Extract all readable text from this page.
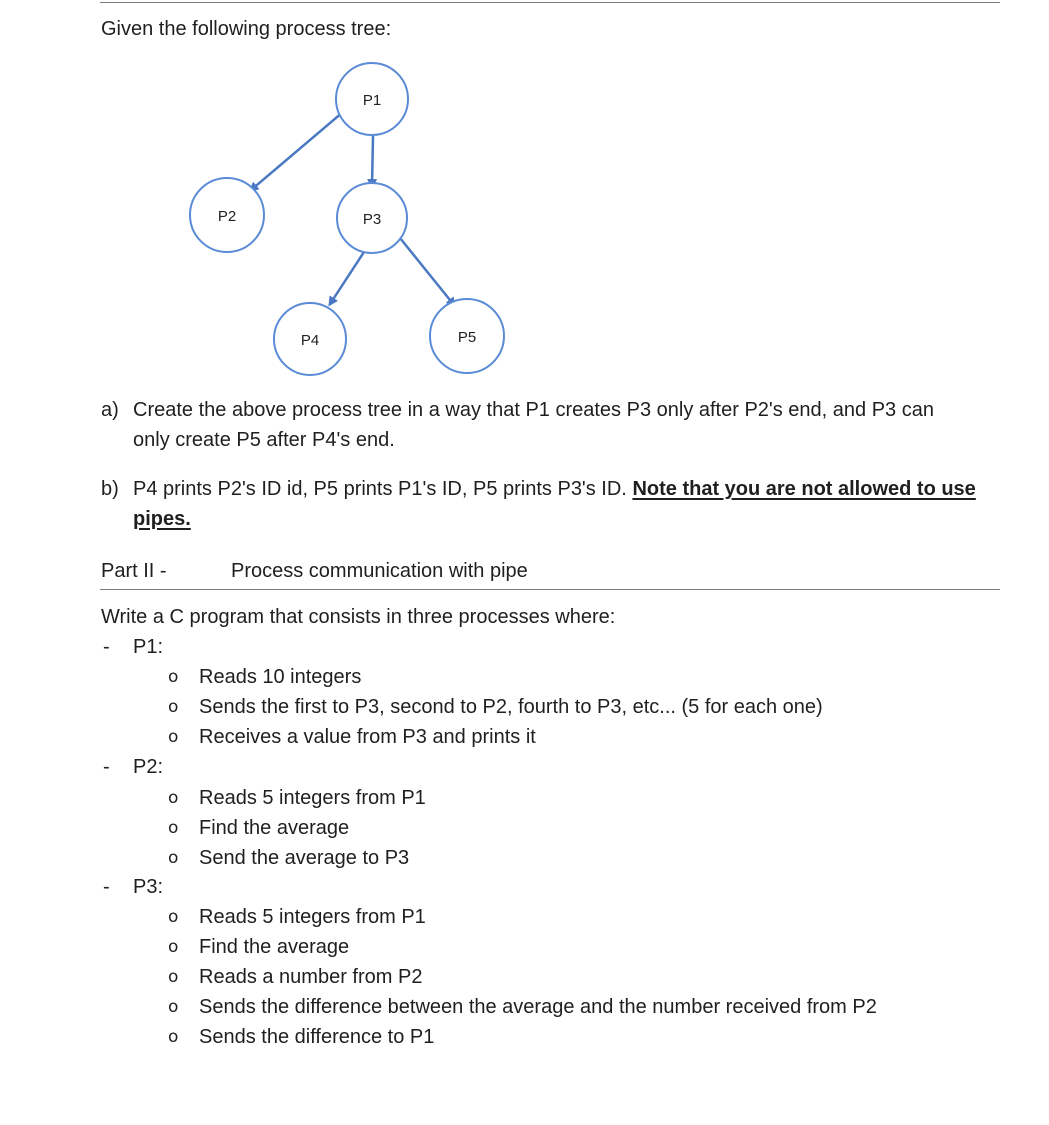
Given the following process tree:
P1
P2	P3
P4	P5
a) Create the above process tree in a way that P1 creates P3 only after P2's end, and P3 can
only create P5 after P4's end.
b) P4 prints P2's ID id, P5 prints P1's ID, P5 prints P3's ID. Note that you are not allowed to use
pipes.
Part II -	Process communication with pipe
Write a C program that consists in three processes where:
- P1:
o Reads 10 integers
o Sends the first to P3, second to P2, fourth to P3, etc... (5 for each one)
o Receives a value from P3 and prints it
- P2:
o Reads 5 integers from P1
o Find the average
o Send the average to P3
- P3:
o Reads 5 integers from P1
o Find the average
o Reads a number from P2
o Sends the difference between the average and the number received from P2
o Sends the difference to P1
